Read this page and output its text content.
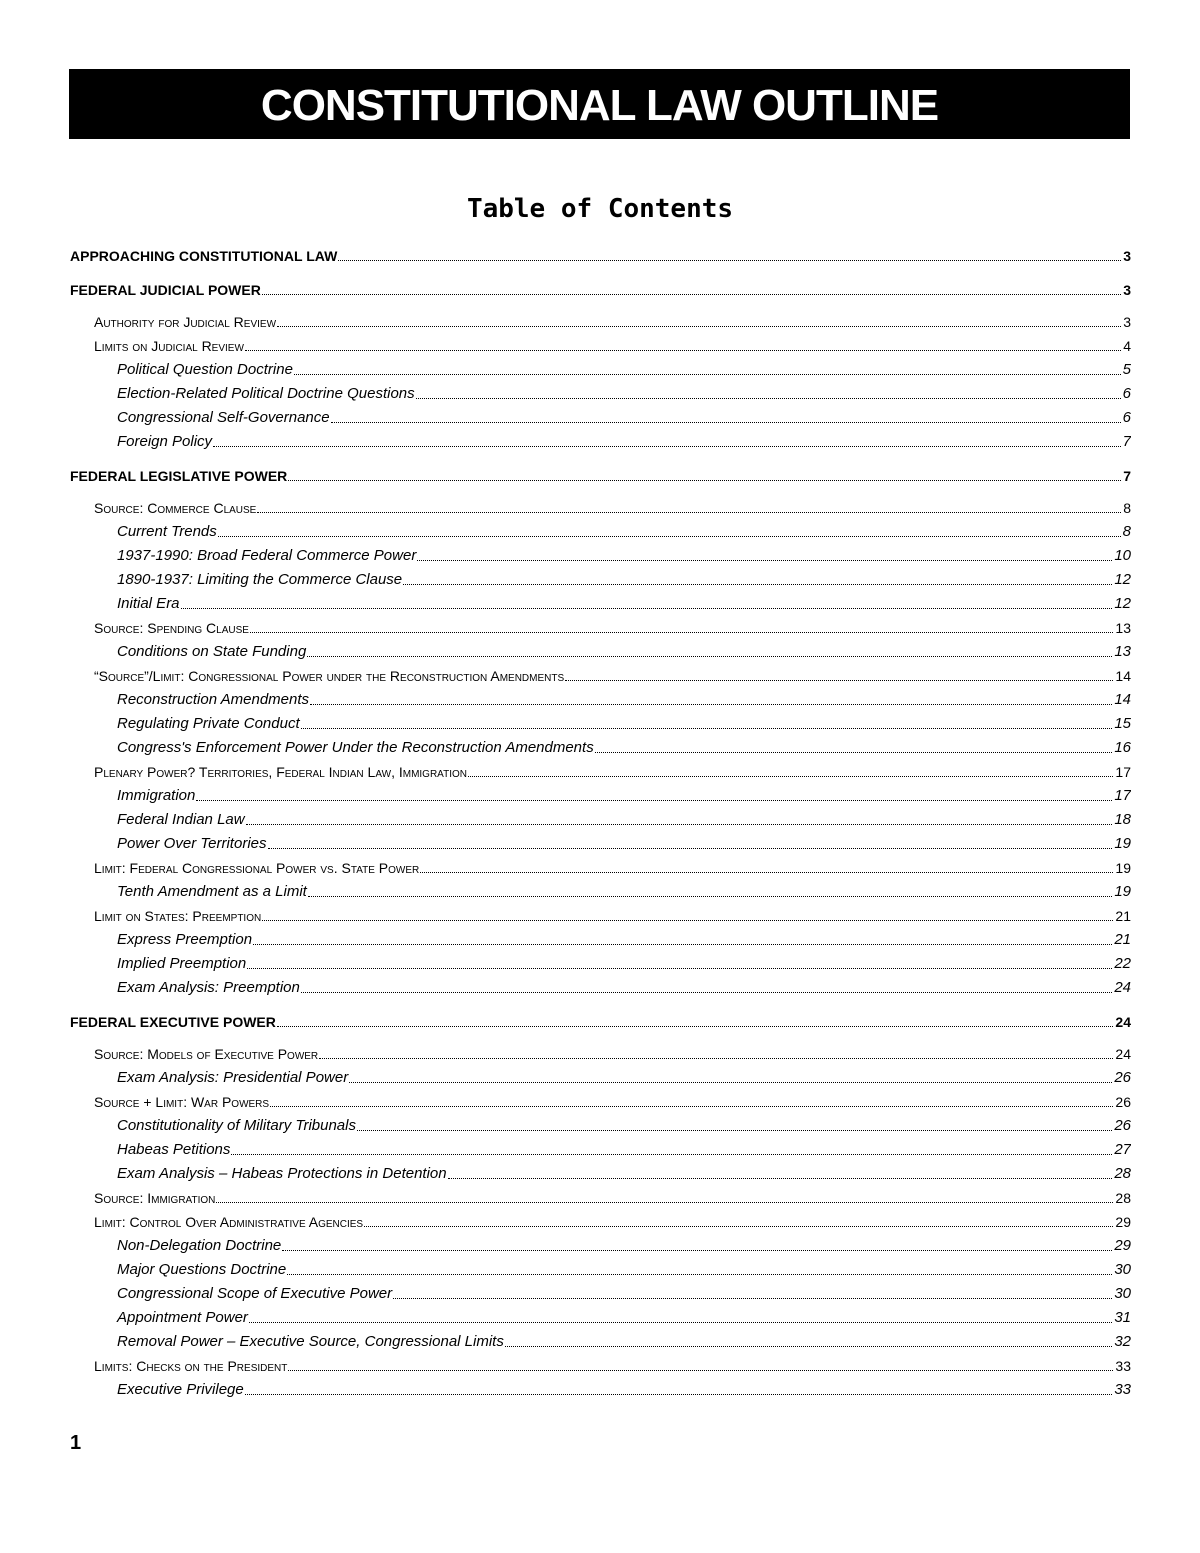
CONSTITUTIONAL LAW OUTLINE
Table of Contents
APPROACHING CONSTITUTIONAL LAW	3
FEDERAL JUDICIAL POWER	3
Authority for Judicial Review	3
Limits on Judicial Review	4
Political Question Doctrine	5
Election-Related Political Doctrine Questions	6
Congressional Self-Governance	6
Foreign Policy	7
FEDERAL LEGISLATIVE POWER	7
Source: Commerce Clause	8
Current Trends	8
1937-1990: Broad Federal Commerce Power	10
1890-1937: Limiting the Commerce Clause	12
Initial Era	12
Source: Spending Clause	13
Conditions on State Funding	13
“Source”/Limit: Congressional Power under the Reconstruction Amendments	14
Reconstruction Amendments	14
Regulating Private Conduct	15
Congress's Enforcement Power Under the Reconstruction Amendments	16
Plenary Power? Territories, Federal Indian Law, Immigration	17
Immigration	17
Federal Indian Law	18
Power Over Territories	19
Limit: Federal Congressional Power vs. State Power	19
Tenth Amendment as a Limit	19
Limit on States: Preemption	21
Express Preemption	21
Implied Preemption	22
Exam Analysis: Preemption	24
FEDERAL EXECUTIVE POWER	24
Source: Models of Executive Power	24
Exam Analysis: Presidential Power	26
Source + Limit: War Powers	26
Constitutionality of Military Tribunals	26
Habeas Petitions	27
Exam Analysis – Habeas Protections in Detention	28
Source: Immigration	28
Limit: Control Over Administrative Agencies	29
Non-Delegation Doctrine	29
Major Questions Doctrine	30
Congressional Scope of Executive Power	30
Appointment Power	31
Removal Power – Executive Source, Congressional Limits	32
Limits: Checks on the President	33
Executive Privilege	33
1
